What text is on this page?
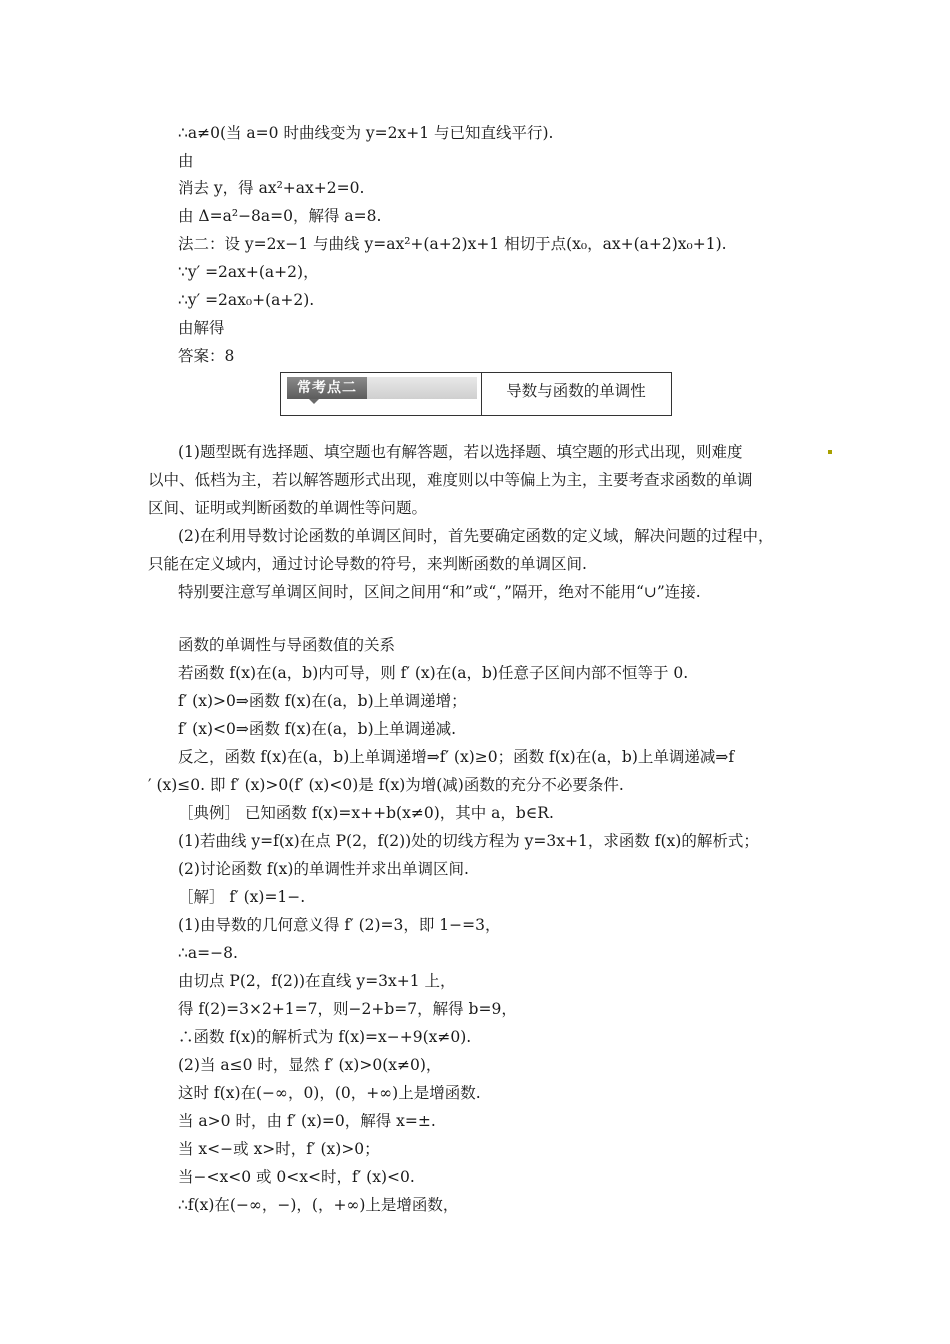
∴a≠0(当 a=0 时曲线变为 y=2x+1 与已知直线平行).
由
消去 y，得 ax²+ax+2=0.
由 Δ=a²−8a=0，解得 a=8.
法二：设 y=2x−1 与曲线 y=ax²+(a+2)x+1 相切于点(x₀，ax+(a+2)x₀+1).
∵y′ =2ax+(a+2)，
∴y′ =2ax₀+(a+2).
由解得
答案：8
常考点二	导数与函数的单调性
(1)题型既有选择题、填空题也有解答题，若以选择题、填空题的形式出现，则难度
以中、低档为主，若以解答题形式出现，难度则以中等偏上为主，主要考查求函数的单调
区间、证明或判断函数的单调性等问题。
(2)在利用导数讨论函数的单调区间时，首先要确定函数的定义域，解决问题的过程中，
只能在定义域内，通过讨论导数的符号，来判断函数的单调区间.
特别要注意写单调区间时，区间之间用“和”或“，”隔开，绝对不能用“∪”连接.
函数的单调性与导函数值的关系
若函数 f(x)在(a，b)内可导，则 f′ (x)在(a，b)任意子区间内部不恒等于 0.
f′ (x)>0⇒函数 f(x)在(a，b)上单调递增；
f′ (x)<0⇒函数 f(x)在(a，b)上单调递减.
反之，函数 f(x)在(a，b)上单调递增⇒f′ (x)≥0；函数 f(x)在(a，b)上单调递减⇒f
′ (x)≤0. 即 f′ (x)>0(f′ (x)<0)是 f(x)为增(减)函数的充分不必要条件.
［典例］ 已知函数 f(x)=x++b(x≠0)，其中 a，b∈R.
(1)若曲线 y=f(x)在点 P(2，f(2))处的切线方程为 y=3x+1，求函数 f(x)的解析式；
(2)讨论函数 f(x)的单调性并求出单调区间.
［解］ f′ (x)=1−.
(1)由导数的几何意义得 f′ (2)=3，即 1−=3，
∴a=−8.
由切点 P(2，f(2))在直线 y=3x+1 上，
得 f(2)=3×2+1=7，则−2+b=7，解得 b=9，
∴函数 f(x)的解析式为 f(x)=x−+9(x≠0).
(2)当 a≤0 时，显然 f′ (x)>0(x≠0)，
这时 f(x)在(−∞，0)，(0，+∞)上是增函数.
当 a>0 时，由 f′ (x)=0，解得 x=±.
当 x<−或 x>时，f′ (x)>0；
当−<x<0 或 0<x<时，f′ (x)<0.
∴f(x)在(−∞，−)，(，+∞)上是增函数，
